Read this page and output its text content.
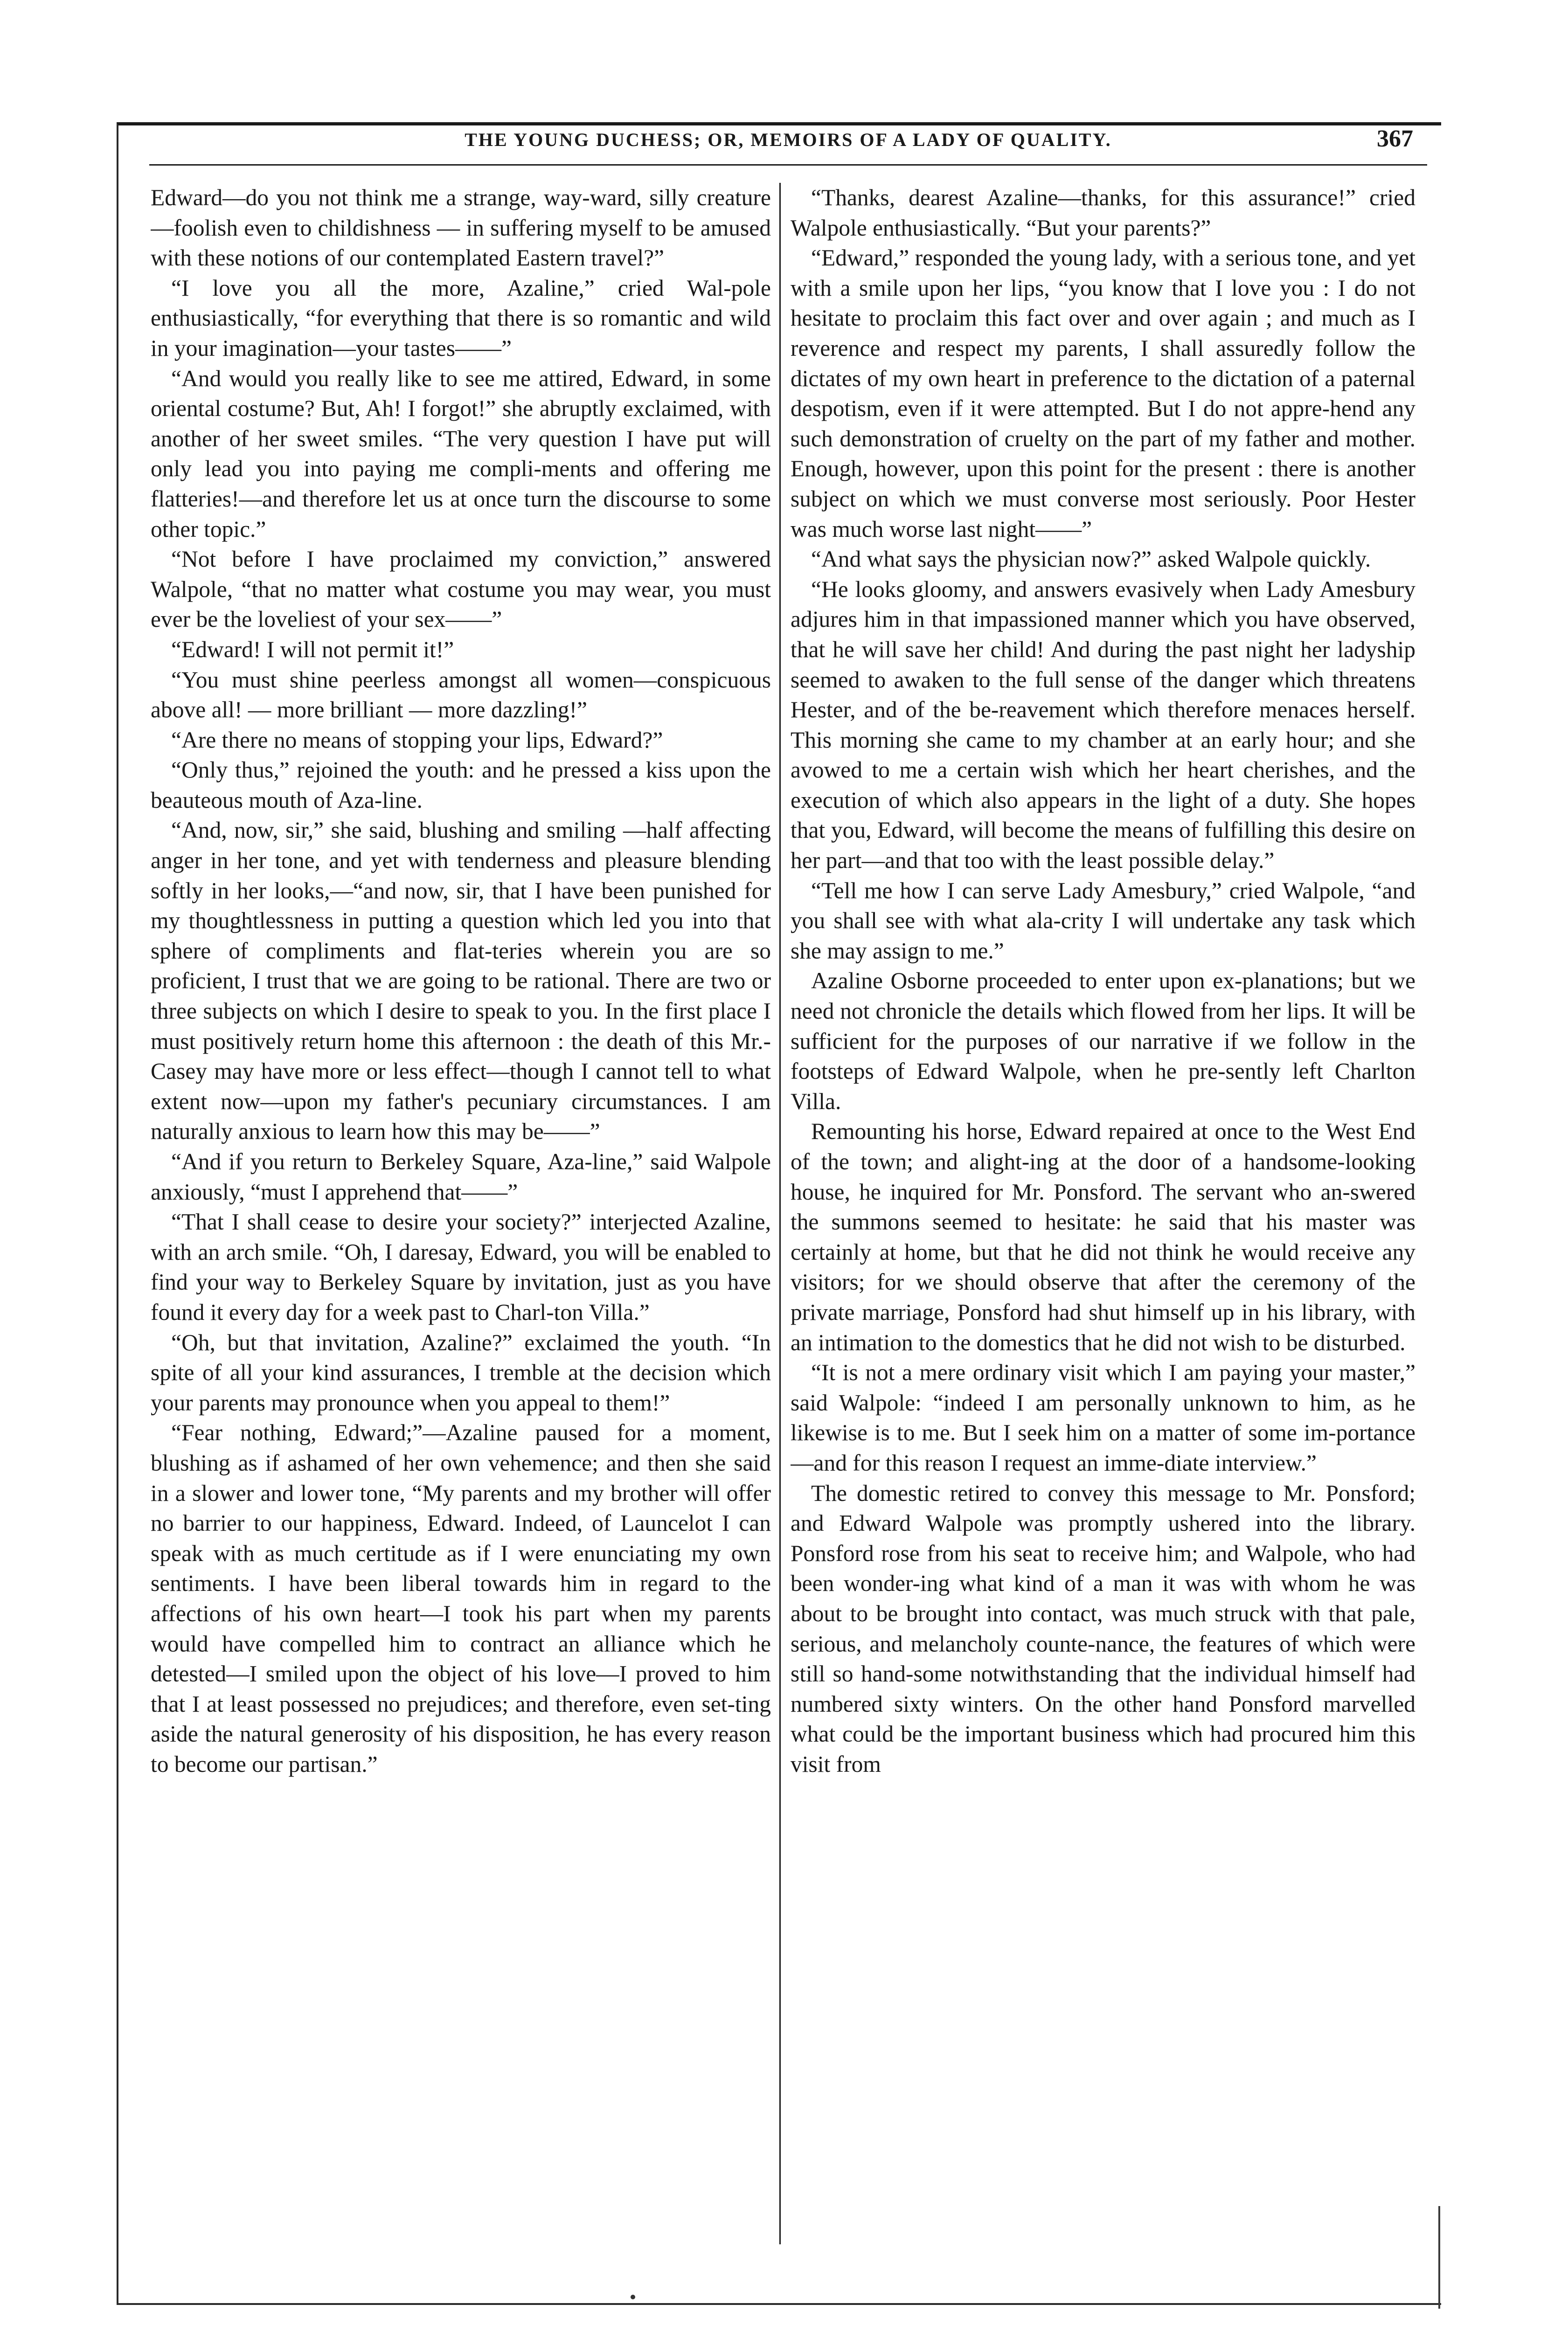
THE YOUNG DUCHESS; OR, MEMOIRS OF A LADY OF QUALITY.	367

Edward—do you not think me a strange, way-ward, silly creature—foolish even to childishness — in suffering myself to be amused with these notions of our contemplated Eastern travel?”

“I love you all the more, Azaline,” cried Wal-pole enthusiastically, “for everything that there is so romantic and wild in your imagination—your tastes——”

“And would you really like to see me attired, Edward, in some oriental costume? But, Ah! I forgot!” she abruptly exclaimed, with another of her sweet smiles. “The very question I have put will only lead you into paying me compli-ments and offering me flatteries!—and therefore let us at once turn the discourse to some other topic.”

“Not before I have proclaimed my conviction,” answered Walpole, “that no matter what costume you may wear, you must ever be the loveliest of your sex——”

“Edward! I will not permit it!”

“You must shine peerless amongst all women—conspicuous above all! — more brilliant — more dazzling!”

“Are there no means of stopping your lips, Edward?”

“Only thus,” rejoined the youth: and he pressed a kiss upon the beauteous mouth of Aza-line.

“And, now, sir,” she said, blushing and smiling —half affecting anger in her tone, and yet with tenderness and pleasure blending softly in her looks,—“and now, sir, that I have been punished for my thoughtlessness in putting a question which led you into that sphere of compliments and flat-teries wherein you are so proficient, I trust that we are going to be rational. There are two or three subjects on which I desire to speak to you. In the first place I must positively return home this afternoon : the death of this Mr.-Casey may have more or less effect—though I cannot tell to what extent now—upon my father's pecuniary circumstances. I am naturally anxious to learn how this may be——”

“And if you return to Berkeley Square, Aza-line,” said Walpole anxiously, “must I apprehend that——”

“That I shall cease to desire your society?” interjected Azaline, with an arch smile. “Oh, I daresay, Edward, you will be enabled to find your way to Berkeley Square by invitation, just as you have found it every day for a week past to Charl-ton Villa.”

“Oh, but that invitation, Azaline?” exclaimed the youth. “In spite of all your kind assurances, I tremble at the decision which your parents may pronounce when you appeal to them!”

“Fear nothing, Edward;”—Azaline paused for a moment, blushing as if ashamed of her own vehemence; and then she said in a slower and lower tone, “My parents and my brother will offer no barrier to our happiness, Edward. Indeed, of Launcelot I can speak with as much certitude as if I were enunciating my own sentiments. I have been liberal towards him in regard to the affections of his own heart—I took his part when my parents would have compelled him to contract an alliance which he detested—I smiled upon the object of his love—I proved to him that I at least possessed no prejudices; and therefore, even set-ting aside the natural generosity of his disposition, he has every reason to become our partisan.”

“Thanks, dearest Azaline—thanks, for this assurance!” cried Walpole enthusiastically. “But your parents?”

“Edward,” responded the young lady, with a serious tone, and yet with a smile upon her lips, “you know that I love you : I do not hesitate to proclaim this fact over and over again ; and much as I reverence and respect my parents, I shall assuredly follow the dictates of my own heart in preference to the dictation of a paternal despotism, even if it were attempted. But I do not appre-hend any such demonstration of cruelty on the part of my father and mother. Enough, however, upon this point for the present : there is another subject on which we must converse most seriously. Poor Hester was much worse last night——”

“And what says the physician now?” asked Walpole quickly.

“He looks gloomy, and answers evasively when Lady Amesbury adjures him in that impassioned manner which you have observed, that he will save her child! And during the past night her ladyship seemed to awaken to the full sense of the danger which threatens Hester, and of the be-reavement which therefore menaces herself. This morning she came to my chamber at an early hour; and she avowed to me a certain wish which her heart cherishes, and the execution of which also appears in the light of a duty. She hopes that you, Edward, will become the means of fulfilling this desire on her part—and that too with the least possible delay.”

“Tell me how I can serve Lady Amesbury,” cried Walpole, “and you shall see with what ala-crity I will undertake any task which she may assign to me.”

Azaline Osborne proceeded to enter upon ex-planations; but we need not chronicle the details which flowed from her lips. It will be sufficient for the purposes of our narrative if we follow in the footsteps of Edward Walpole, when he pre-sently left Charlton Villa.

Remounting his horse, Edward repaired at once to the West End of the town; and alight-ing at the door of a handsome-looking house, he inquired for Mr. Ponsford. The servant who an-swered the summons seemed to hesitate: he said that his master was certainly at home, but that he did not think he would receive any visitors; for we should observe that after the ceremony of the private marriage, Ponsford had shut himself up in his library, with an intimation to the domestics that he did not wish to be disturbed.

“It is not a mere ordinary visit which I am paying your master,” said Walpole: “indeed I am personally unknown to him, as he likewise is to me. But I seek him on a matter of some im-portance—and for this reason I request an imme-diate interview.”

The domestic retired to convey this message to Mr. Ponsford; and Edward Walpole was promptly ushered into the library. Ponsford rose from his seat to receive him; and Walpole, who had been wonder-ing what kind of a man it was with whom he was about to be brought into contact, was much struck with that pale, serious, and melancholy counte-nance, the features of which were still so hand-some notwithstanding that the individual himself had numbered sixty winters. On the other hand Ponsford marvelled what could be the important business which had procured him this visit from
